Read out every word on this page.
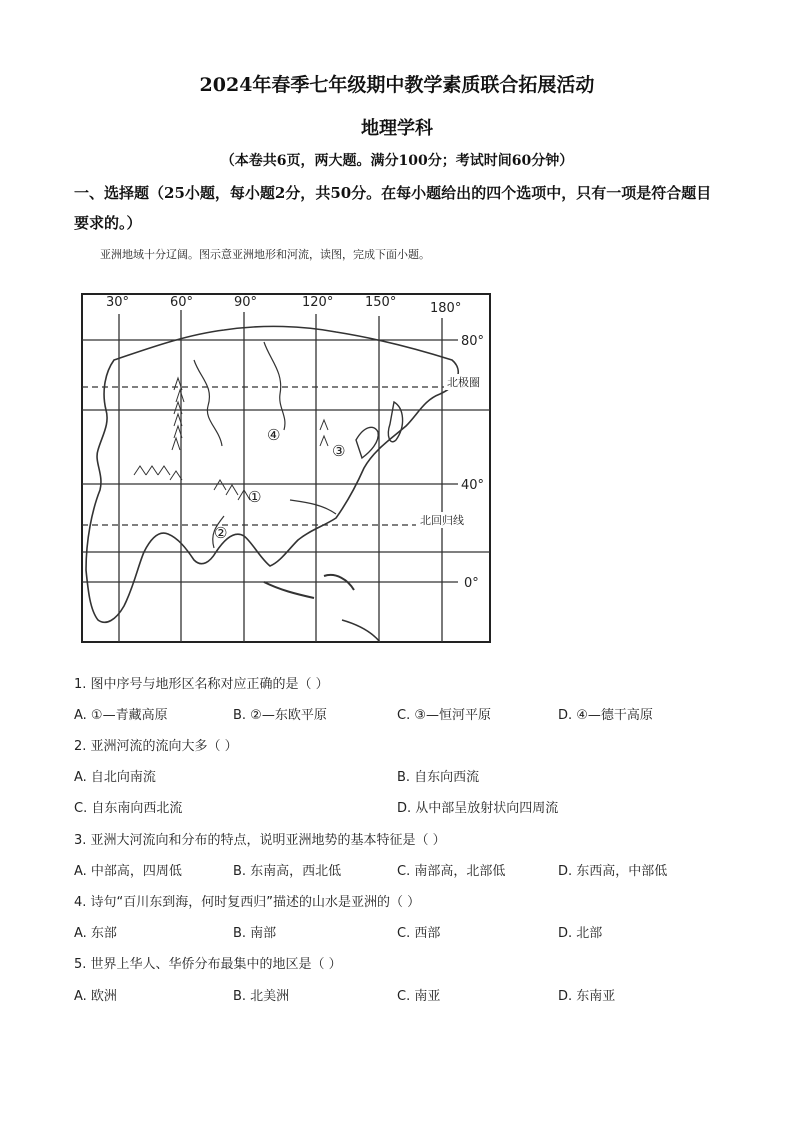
2024年春季七年级期中教学素质联合拓展活动
地理学科
（本卷共6页，两大题。满分100分；考试时间60分钟）
一、选择题（25小题，每小题2分，共50分。在每小题给出的四个选项中，只有一项是符合题目要求的。）
亚洲地域十分辽阔。图示意亚洲地形和河流，读图，完成下面小题。
30°	60°	90°	120° 150°	180°
80°
40°
0°
北极圈
北回归线
①
②
③
④
1. 图中序号与地形区名称对应正确的是（ ）
A. ①—青藏高原	B. ②—东欧平原	C. ③—恒河平原	D. ④—德干高原
2. 亚洲河流的流向大多（ ）
A. 自北向南流	B. 自东向西流
C. 自东南向西北流	D. 从中部呈放射状向四周流
3. 亚洲大河流向和分布的特点，说明亚洲地势的基本特征是（ ）
A. 中部高，四周低	B. 东南高，西北低	C. 南部高，北部低	D. 东西高，中部低
4. 诗句“百川东到海，何时复西归”描述的山水是亚洲的（ ）
A. 东部	B. 南部	C. 西部	D. 北部
5. 世界上华人、华侨分布最集中的地区是（ ）
A. 欧洲	B. 北美洲	C. 南亚	D. 东南亚
